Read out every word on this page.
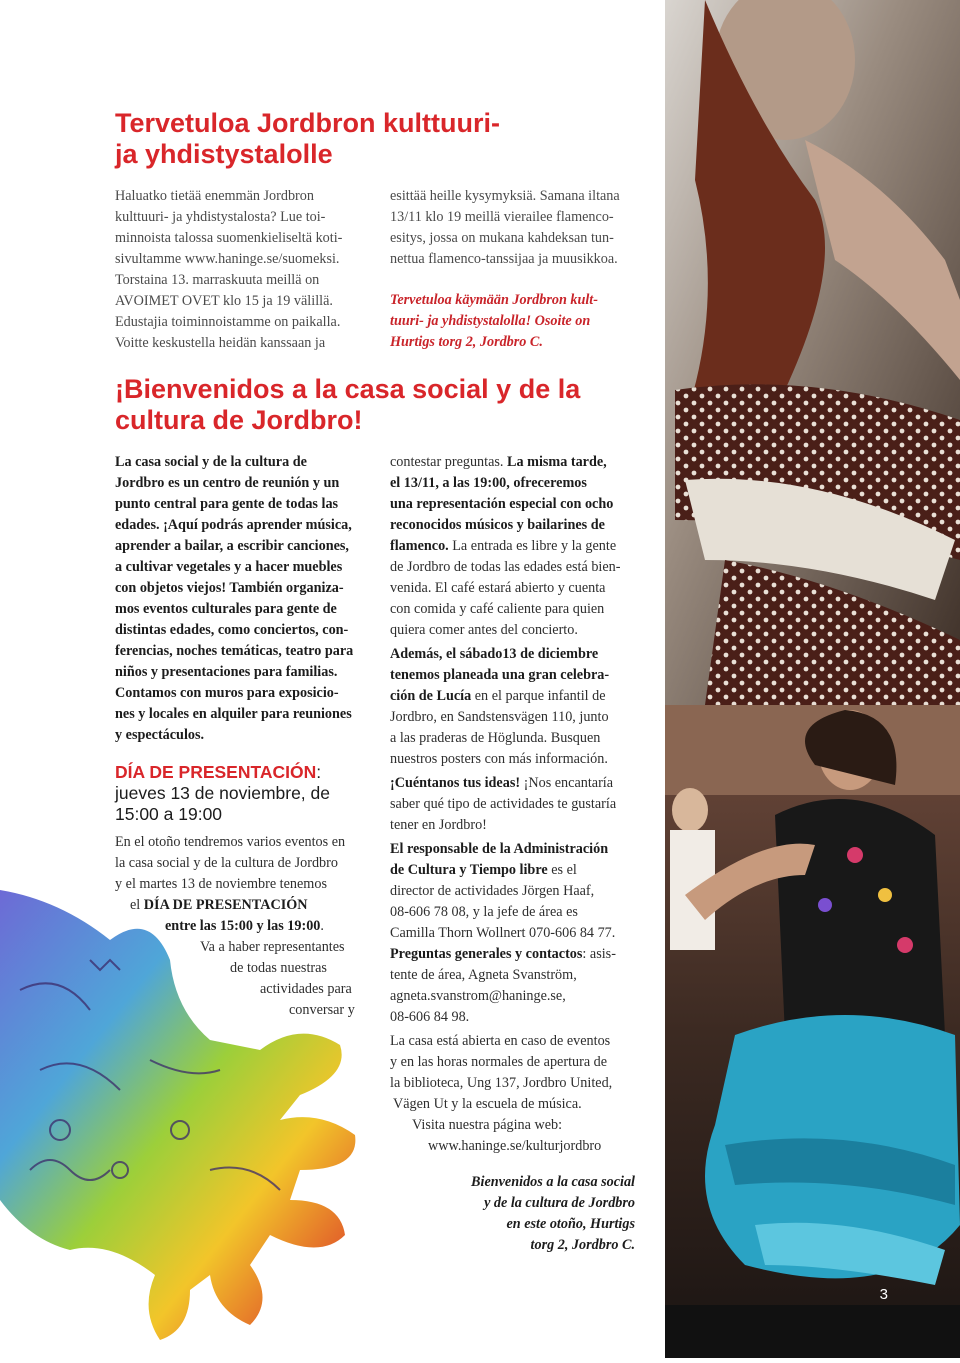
Tervetuloa Jordbron kulttuuri-
ja yhdistystalolle

Haluatko tietää enemmän Jordbron

kulttuuri- ja yhdistystalosta? Lue toi-

minnoista talossa suomenkieliseltä koti-

sivultamme www.haninge.se/suomeksi.

Torstaina 13. marraskuuta meillä on

AVOIMET OVET klo 15 ja 19 välillä.

Edustajia toiminnoistamme on paikalla.

Voitte keskustella heidän kanssaan ja

esittää heille kysymyksiä. Samana iltana

13/11 klo 19 meillä vierailee flamenco-

esitys, jossa on mukana kahdeksan tun-

nettua flamenco-tanssijaa ja muusikkoa.

Tervetuloa käymään Jordbron kult-

tuuri- ja yhdistystalolla! Osoite on

Hurtigs torg 2, Jordbro C.

¡Bienvenidos a la casa social y de la
cultura de Jordbro!
La casa social y de la cultura de
Jordbro es un centro de reunión y un
punto central para gente de todas las
edades. ¡Aquí podrás aprender música,
aprender a bailar, a escribir canciones,
a cultivar vegetales y a hacer muebles
con objetos viejos! También organiza-
mos eventos culturales para gente de
distintas edades, como conciertos, con-
ferencias, noches temáticas, teatro para
niños y presentaciones para familias.
Contamos con muros para exposicio-
nes y locales en alquiler para reuniones
y espectáculos.
DÍA DE PRESENTACIÓN:
jueves 13 de noviembre, de
15:00 a 19:00
En el otoño tendremos varios eventos en
la casa social y de la cultura de Jordbro
y el martes 13 de noviembre tenemos
el DÍA DE PRESENTACIÓN
entre las 15:00 y las 19:00.
Va a haber representantes
de todas nuestras
actividades para
conversar y
contestar preguntas. La misma tarde,
el 13/11, a las 19:00, ofreceremos
una representación especial con ocho
reconocidos músicos y bailarines de
flamenco. La entrada es libre y la gente
de Jordbro de todas las edades está bien-
venida. El café estará abierto y cuenta
con comida y café caliente para quien
quiera comer antes del concierto.
Además, el sábado13 de diciembre
tenemos planeada una gran celebra-
ción de Lucía en el parque infantil de
Jordbro, en Sandstensvägen 110, junto
a las praderas de Höglunda. Busquen
nuestros posters con más información.
¡Cuéntanos tus ideas! ¡Nos encantaría
saber qué tipo de actividades te gustaría
tener en Jordbro!
El responsable de la Administración
de Cultura y Tiempo libre es el
director de actividades Jörgen Haaf,
08-606 78 08, y la jefe de área es
Camilla Thorn Wollnert 070-606 84 77.
Preguntas generales y contactos: asis-
tente de área, Agneta Svanström,
agneta.svanstrom@haninge.se,
08-606 84 98.
La casa está abierta en caso de eventos
y en las horas normales de apertura de
la biblioteca, Ung 137, Jordbro United,
Vägen Ut y la escuela de música.
Visita nuestra página web:
www.haninge.se/kulturjordbro
Bienvenidos a la casa social
y de la cultura de Jordbro
en este otoño, Hurtigs
torg 2, Jordbro C.
3
